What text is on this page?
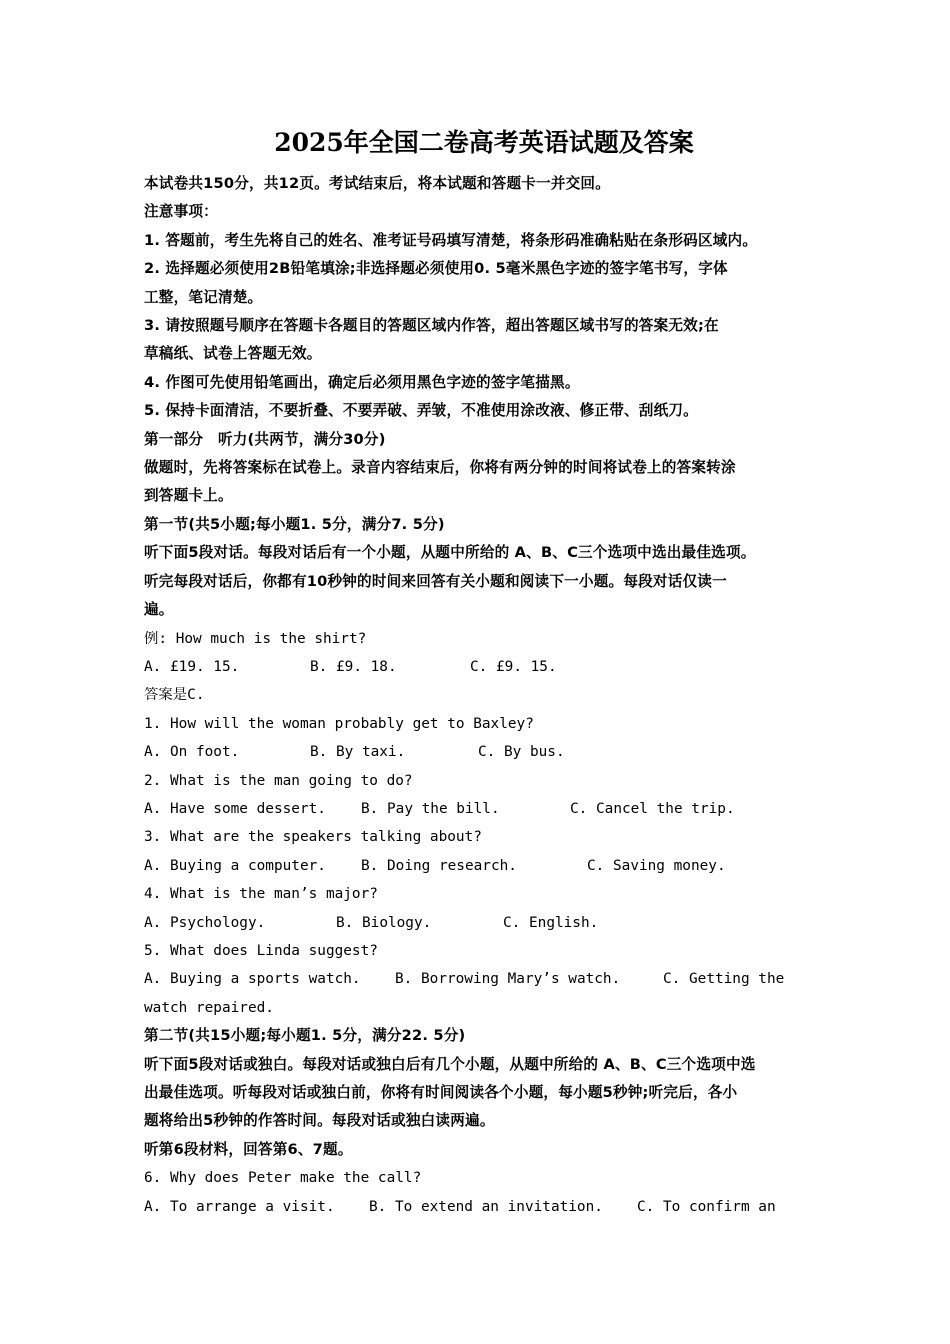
2025年全国二卷高考英语试题及答案
本试卷共150分，共12页。考试结束后，将本试题和答题卡一并交回。
注意事项：
1. 答题前，考生先将自己的姓名、准考证号码填写清楚，将条形码准确粘贴在条形码区域内。
2. 选择题必须使用2B铅笔填涂;非选择题必须使用0. 5毫米黑色字迹的签字笔书写，字体
工整，笔记清楚。
3. 请按照题号顺序在答题卡各题目的答题区域内作答，超出答题区域书写的答案无效;在
草稿纸、试卷上答题无效。
4. 作图可先使用铅笔画出，确定后必须用黑色字迹的签字笔描黑。
5. 保持卡面清洁，不要折叠、不要弄破、弄皱，不准使用涂改液、修正带、刮纸刀。
第一部分　听力(共两节，满分30分)
做题时，先将答案标在试卷上。录音内容结束后，你将有两分钟的时间将试卷上的答案转涂
到答题卡上。
第一节(共5小题;每小题1. 5分，满分7. 5分)
听下面5段对话。每段对话后有一个小题，从题中所给的 A、B、C三个选项中选出最佳选项。
听完每段对话后，你都有10秒钟的时间来回答有关小题和阅读下一小题。每段对话仅读一
遍。
例: How much is the shirt?
A. £19. 15.	B. £9. 18.	C. £9. 15.
答案是C.
1. How will the woman probably get to Baxley?
A. On foot.	B. By taxi.	C. By bus.
2. What is the man going to do?
A. Have some dessert.	B. Pay the bill.	C. Cancel the trip.
3. What are the speakers talking about?
A. Buying a computer.	B. Doing research.	C. Saving money.
4. What is the man’s major?
A. Psychology.	B. Biology.	C. English.
5. What does Linda suggest?
A. Buying a sports watch.	B. Borrowing Mary’s watch.	C. Getting the
watch repaired.
第二节(共15小题;每小题1. 5分，满分22. 5分)
听下面5段对话或独白。每段对话或独白后有几个小题，从题中所给的 A、B、C三个选项中选
出最佳选项。听每段对话或独白前，你将有时间阅读各个小题，每小题5秒钟;听完后，各小
题将给出5秒钟的作答时间。每段对话或独白读两遍。
听第6段材料，回答第6、7题。
6. Why does Peter make the call?
A. To arrange a visit.	B. To extend an invitation.	C. To confirm an
